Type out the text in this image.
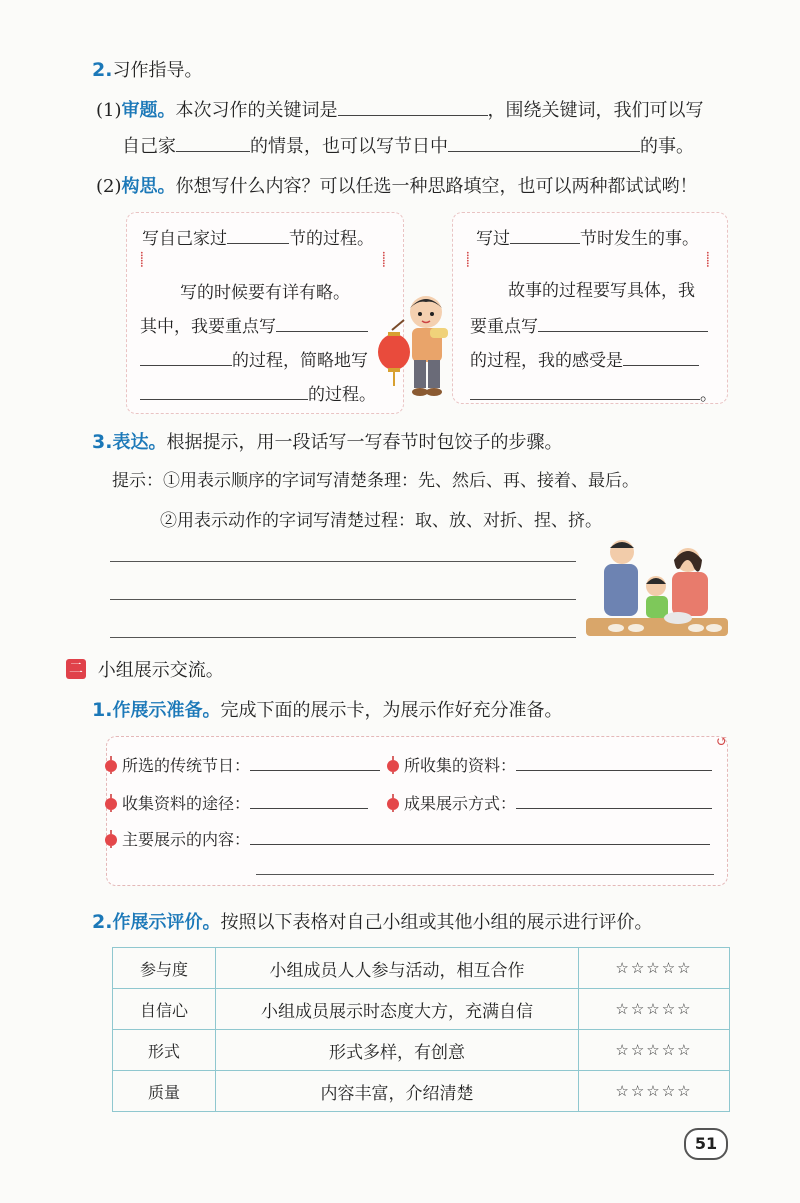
2.习作指导。
(1)审题。本次习作的关键词是	，围绕关键词，我们可以写
自己家	的情景，也可以写节日中	的事。
(2)构思。你想写什么内容？可以任选一种思路填空，也可以两种都试试哟！
写自己家过	节的过程。
⸽	⸽
写的时候要有详有略。
其中，我要重点写
的过程，简略地写
的过程。
写过	节时发生的事。
⸽	⸽
故事的过程要写具体，我
要重点写
的过程，我的感受是
。
3.表达。根据提示，用一段话写一写春节时包饺子的步骤。
提示：①用表示顺序的字词写清楚条理：先、然后、再、接着、最后。
②用表示动作的字词写清楚过程：取、放、对折、捏、挤。
二 小组展示交流。
1.作展示准备。完成下面的展示卡，为展示作好充分准备。
↺
所选的传统节日：	所收集的资料：
收集资料的途径：	成果展示方式：
主要展示的内容：
2.作展示评价。按照以下表格对自己小组或其他小组的展示进行评价。
参与度	小组成员人人参与活动，相互合作	☆☆☆☆☆
自信心	小组成员展示时态度大方，充满自信	☆☆☆☆☆
形式	形式多样，有创意	☆☆☆☆☆
质量	内容丰富，介绍清楚	☆☆☆☆☆
51
